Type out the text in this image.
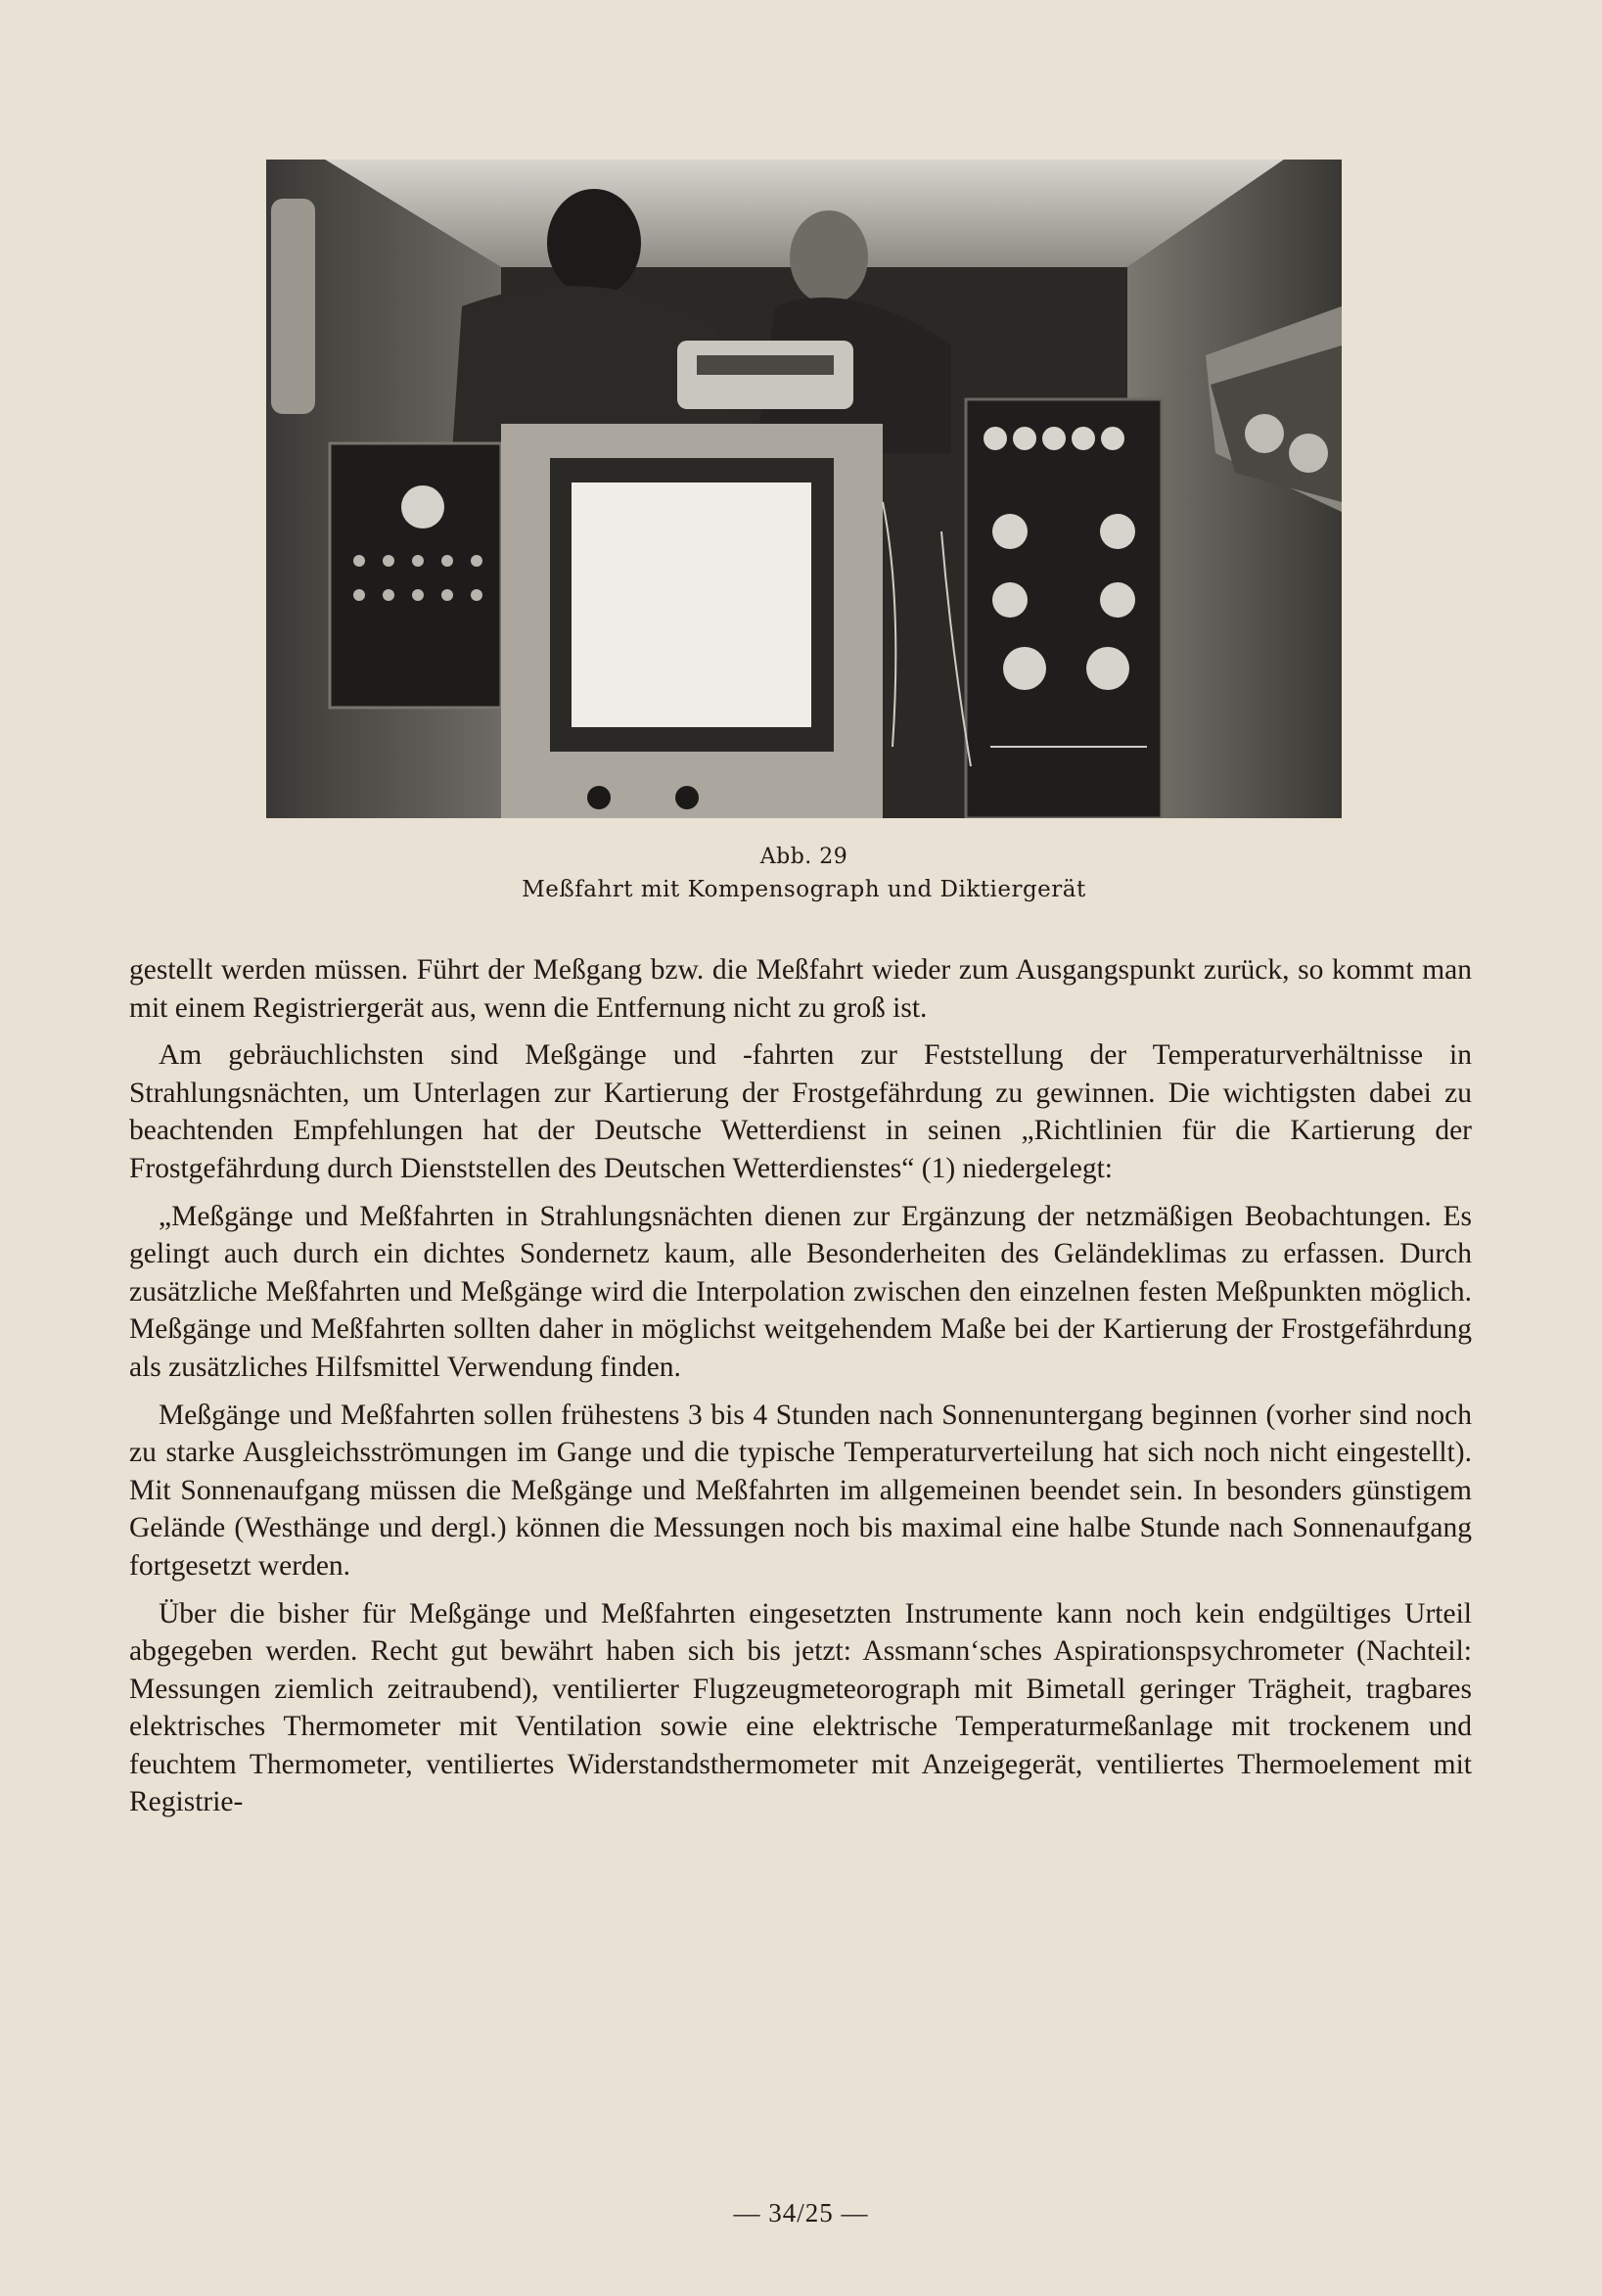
Abb. 29
Meßfahrt mit Kompensograph und Diktiergerät

gestellt werden müssen. Führt der Meßgang bzw. die Meßfahrt wieder zum Ausgangspunkt zurück, so kommt man mit einem Registriergerät aus, wenn die Entfernung nicht zu groß ist.

Am gebräuchlichsten sind Meßgänge und -fahrten zur Feststellung der Temperaturverhältnisse in Strahlungsnächten, um Unterlagen zur Kartierung der Frostgefährdung zu gewinnen. Die wichtigsten dabei zu beachtenden Empfehlungen hat der Deutsche Wetterdienst in seinen „Richtlinien für die Kartierung der Frostgefährdung durch Dienststellen des Deutschen Wetterdienstes“ (1) niedergelegt:

„Meßgänge und Meßfahrten in Strahlungsnächten dienen zur Ergänzung der netzmäßigen Beobachtungen. Es gelingt auch durch ein dichtes Sondernetz kaum, alle Besonderheiten des Geländeklimas zu erfassen. Durch zusätzliche Meßfahrten und Meßgänge wird die Interpolation zwischen den einzelnen festen Meßpunkten möglich. Meßgänge und Meßfahrten sollten daher in möglichst weitgehendem Maße bei der Kartierung der Frostgefährdung als zusätzliches Hilfsmittel Verwendung finden.

Meßgänge und Meßfahrten sollen frühestens 3 bis 4 Stunden nach Sonnenuntergang beginnen (vorher sind noch zu starke Ausgleichsströmungen im Gange und die typische Temperaturverteilung hat sich noch nicht eingestellt). Mit Sonnenaufgang müssen die Meßgänge und Meßfahrten im allgemeinen beendet sein. In besonders günstigem Gelände (Westhänge und dergl.) können die Messungen noch bis maximal eine halbe Stunde nach Sonnenaufgang fortgesetzt werden.

Über die bisher für Meßgänge und Meßfahrten eingesetzten Instrumente kann noch kein endgültiges Urteil abgegeben werden. Recht gut bewährt haben sich bis jetzt: Assmann‘sches Aspirationspsychrometer (Nachteil: Messungen ziemlich zeitraubend), ventilierter Flugzeugmeteorograph mit Bimetall geringer Trägheit, tragbares elektrisches Thermometer mit Ventilation sowie eine elektrische Temperaturmeßanlage mit trockenem und feuchtem Thermometer, ventiliertes Widerstandsthermometer mit Anzeigegerät, ventiliertes Thermoelement mit Registrie-

— 34/25 —
